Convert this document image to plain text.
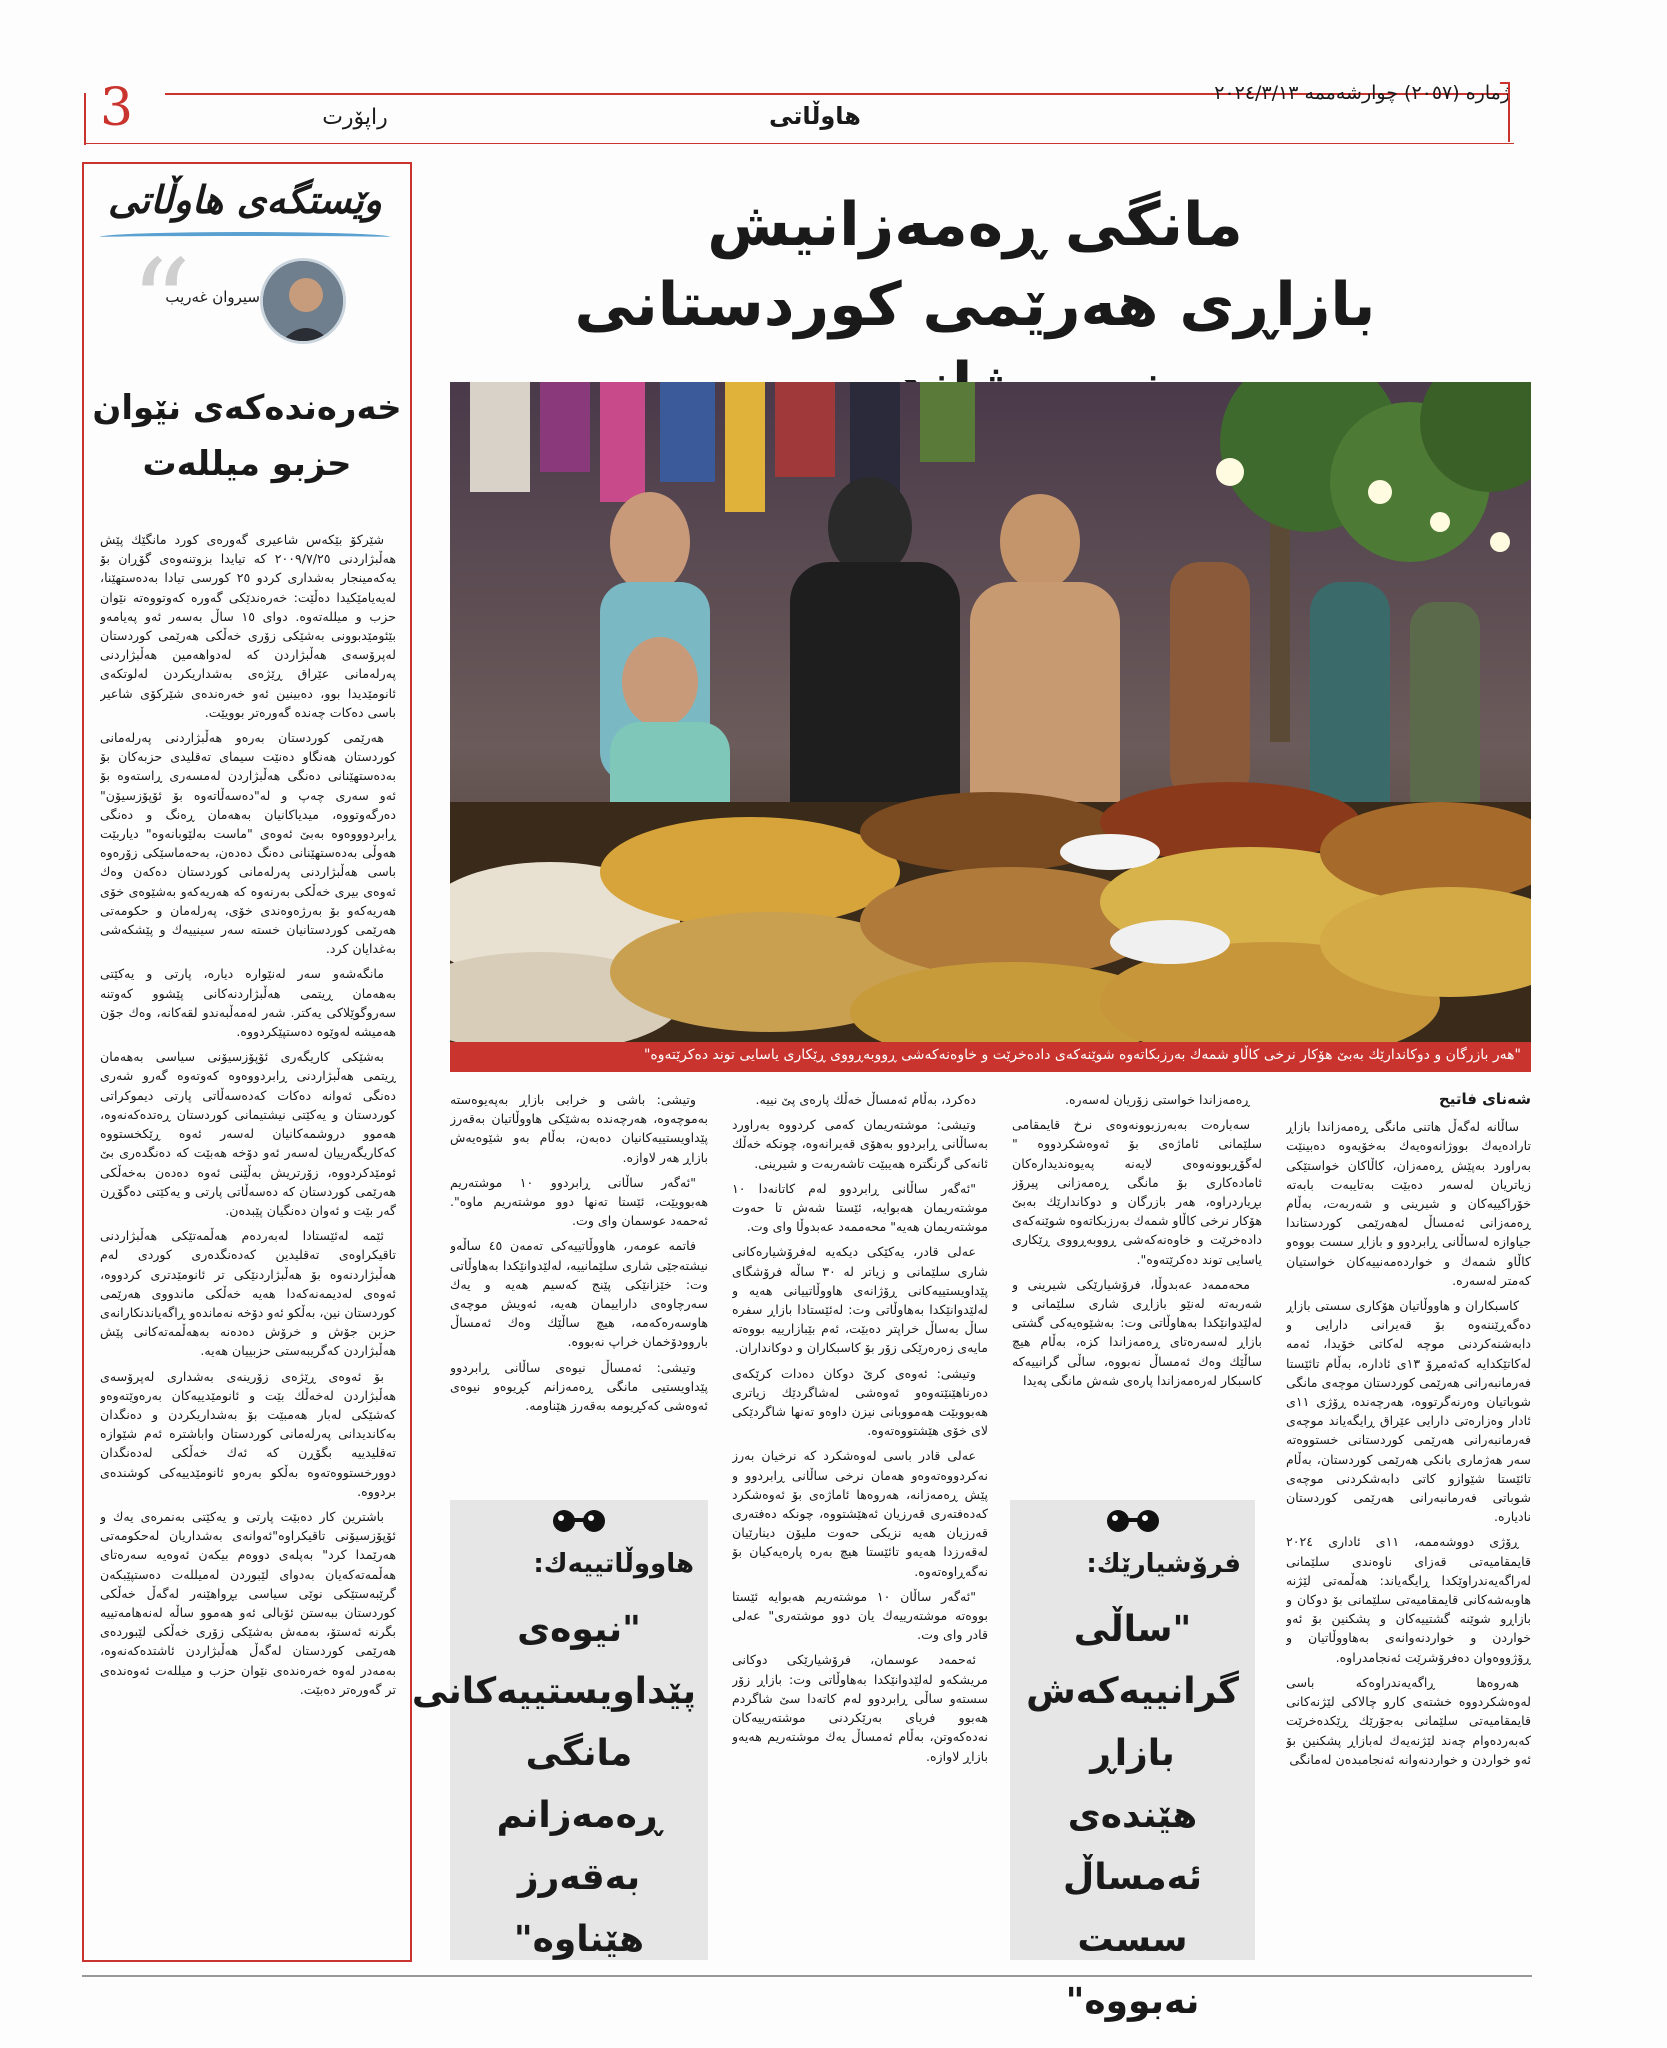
3	راپۆرت	هاوڵاتی
ژمارە (٢٠٥٧) چوارشەممە ٢٠٢٤/٣/١٣
مانگی ڕەمەزانیش
بازاڕی هەرێمی کوردستانی
"هەر بازرگان و دوکاندارێك بەبێ هۆكار نرخی كاڵاو شمەك بەرزبكاتەوە شوێنەكەی دادەخرێت و خاوەنەكەشی ڕووبەڕووی ڕێكاری یاسایی توند دەكرێتەوە"
وێستگەی هاوڵاتی
“
سیروان غەریب
خەرەندەکەی نێوان
حزبو میللەت

شێرکۆ بێکەس شاعیری گەورەی کورد مانگێك پێش هەڵبژاردنی ٢٠٠٩/٧/٢٥ کە تیایدا بزوتنەوەی گۆڕان بۆ یەکەمینجار بەشداری کردو ٢٥ کورسی تیادا بەدەستهێنا، لەیەیامێکیدا دەڵێت: خەرەندێکی گەورە کەوتووەتە نێوان حزب و میللەتەوە. دوای ١٥ ساڵ بەسەر ئەو پەیامەو بێئومێدبوونی بەشێکی زۆری خەڵکی هەرێمی کوردستان لەپرۆسەی هەڵبژاردن کە لەدواهەمین هەڵبژاردنی پەرلەمانی عێراق ڕێژەی بەشداریکردن لەلوتکەی ئانومێدیدا بوو، دەبینین ئەو خەرەندەی شێرکۆی شاعیر باسی دەکات چەندە گەورەتر بوویێت.

هەرێمی کوردستان بەرەو هەڵبژاردنی پەرلەمانی کوردستان هەنگاو دەنێت سیمای تەقلیدی حزبەکان بۆ بەدەستهێنانی دەنگی هەڵبژاردن لەمسەری ڕاستەوە بۆ ئەو سەری چەپ و لە"دەسەڵاتەوە بۆ ئۆپۆزسیۆن" دەرگەوتووە، میدیاکانیان بەهەمان ڕەنگ و دەنگی ڕابردوووەوە بەبێ ئەوەی "ماست بەلێوبانەوە" دیاربێت هەوڵی بەدەستهێنانی دەنگ دەدەن، بەحەماسێکی زۆرەوە باسی هەڵبژاردنی پەرلەمانی کوردستان دەکەن وەك ئەوەی بیری خەڵکی بەرنەوە کە هەریەکەو بەشێوەی خۆی هەریەکەو بۆ بەرژەوەندی خۆی، پەرلەمان و حکومەتی هەرێمی کوردستانیان خستە سەر سینییەك و پێشکەشی بەغدایان کرد.

مانگەشەو سەر لەنێوارە دیارە، پارتی و یەکێتی بەهەمان ڕیتمی هەڵبژاردنەکانی پێشوو کەوتنە سەروگوێلاکی یەکتر. شەر لەمەڵبەندو لقەکانە، وەك جۆن هەمیشە لەوێوە دەستپێکردووە.

بەشێکی کاریگەری ئۆپۆزسیۆنی سیاسی بەهەمان ڕیتمی هەڵبژاردنی ڕابردووەوە کەوتەوە گەرو شەری دەنگی ئەوانە دەکات کەدەسەڵاتی پارتی دیموکراتی کوردستان و یەکێتی نیشتیمانی کوردستان ڕەتدەکەنەوە، هەموو دروشمەکانیان لەسەر ئەوە ڕێکخستووە کەکاریگەرییان لەسەر ئەو دۆخە هەبێت کە دەنگدەری بێ ئومێدکردووە، زۆرتریش بەڵێنی ئەوە دەدەن بەخەڵکی هەرێمی کوردستان کە دەسەڵاتی پارتی و یەکێتی دەگۆڕن گەر بێت و ئەوان دەنگیان پێبدەن.

ئێمە لەئێستادا لەبەردەم هەڵمەتێکی هەڵبژاردنی تاقیکراوەی تەقلیدین کەدەنگدەری کوردی لەم هەڵبژاردنەوە بۆ هەڵبژاردنێکی تر ئانومێدتری کردووە، ئەوەی لەدیمەنەکەدا هەیە خەڵکی ماندووی هەرێمی کوردستان نین، بەڵکو ئەو دۆخە نەماندەو ڕاگەیاندنکارانەی حزبن جۆش و خرۆش دەدەنە بەهەڵمەتەکانی پێش هەڵبژاردن کەگریبەستی حزبییان هەیە.

بۆ ئەوەی ڕێژەی زۆرینەی بەشداری لەپرۆسەی هەڵبژاردن لەخەڵك بێت و ئانومێدییەکان بەرەوێتەوەو کەشێکی لەبار هەمبێت بۆ بەشداریکردن و دەنگدان بەکاندیدانی پەرلەمانی کوردستان واباشترە ئەم شێوازە تەقلیدییە بگۆڕن کە ئەك خەڵکی لەدەنگدان دوورخستووەتەوە بەڵکو بەرەو ئانومێدییەکی کوشندەی بردووە.

باشترین کار دەبێت پارتی و یەکێتی بەنمرەی یەك و ئۆپۆزسیۆنی تاقیکراوە"ئەوانەی بەشداریان لەحکومەتی هەرێمدا کرد" بەپلەی دووەم بیکەن ئەوەیە سەرەتای هەڵمەتەکەیان بەدوای لێبوردن لەمیللەت دەستپێبکەن گرێبەستێکی نوێی سیاسی بڕواهێنەر لەگەڵ خەڵکی کوردستان ببەستن ئۆبالی ئەو هەموو ساڵە لەنەهامەتییە بگرنە ئەستۆ، بەمەش بەشێکی زۆری خەڵکی لێبوردەی هەرێمی کوردستان لەگەڵ هەڵبژاردن ئاشتدەکەنەوە، بەمەدر لەوە خەرەندەی نێوان حزب و میللەت ئەوەندەی تر گەورەتر دەبێت.

شەنای فاتیح

ساڵانە لەگەڵ هاتنی مانگی ڕەمەزاندا بازاڕ تارادەیەك بووژانەوەیەك بەخۆیەوە دەبینێت بەراورد بەپێش ڕەمەزان، كاڵاكان خواستێكی زیاتریان لەسەر دەبێت بەتایبەت بابەتە خۆراكییەكان و شیرینی و شەربەت، بەڵام ڕەمەزانی ئەمساڵ لەهەرێمی كوردستاندا جیاوازە لەساڵانی ڕابردوو و بازاڕ سست بووەو كاڵاو شمەك و خواردەمەنییەكان خواستیان كەمتر لەسەرە.

كاسبكاران و هاووڵاتیان هۆكاری سستی بازاڕ دەگەڕێننەوە بۆ قەیرانی دارایی و دابەشنەكردنی موچە لەكاتی خۆیدا، ئەمە لەكاتێكدایە كەئەمڕۆ ١٣ی ئادارە، بەڵام تائێستا فەرمانبەرانی هەرێمی كوردستان موچەی مانگی شوباتیان وەرنەگرتووە، هەرچەندە ڕۆژی ١١ی ئادار وەزارەتی دارایی عێراق ڕایگەیاند موچەی فەرمانبەرانی هەرێمی كوردستانی خستووەتە سەر هەژماری بانكی هەرێمی كوردستان، بەڵام تائێستا شێوازو كاتی دابەشكردنی موچەی شوباتی فەرمانبەرانی هەرێمی كوردستان نادیارە.

ڕۆژی دووشەممە، ١١ی ئاداری ٢٠٢٤ قایمقامیەتی قەزای ناوەندی سلێمانی لەراگەیەندراوێكدا ڕایگەیاند: هەڵمەتی لێژنە هاوبەشەكانی قایمقامیەتی سلێمانی بۆ دوكان و بازاڕو شوێنە گشتییەكان و پشكنین بۆ ئەو خواردن و خواردنەوانەی بەهاووڵاتیان و ڕۆژووەوان دەفرۆشرێت ئەنجامدراوە.

هەروەها ڕاگەیەندراوەكە باسی لەوەشكردووە خشتەی كارو چالاكی لێژنەكانی قایمقامیەتی سلێمانی بەجۆرێك ڕێكدەخرێت كەبەردەوام چەند لێژنەیەك لەبازاڕ پشكنین بۆ ئەو خواردن و خواردنەوانە ئەنجامبدەن لەمانگی

ڕەمەزاندا خواستی زۆریان لەسەرە.

سەبارەت بەبەرزبوونەوەی نرخ قایمقامی سلێمانی ئاماژەی بۆ ئەوەشكردووە " لەگۆڕبوونەوەی لایەنە پەیوەندیدارەكان ئامادەكاری بۆ مانگی ڕەمەزانی پیرۆز بڕیاردراوە، هەر بازرگان و دوكاندارێك بەبێ هۆكار نرخی كاڵاو شمەك بەرزبكاتەوە شوێنەكەی دادەخرێت و خاوەنەكەشی ڕووبەڕووی ڕێكاری یاسایی توند دەكرێتەوە".

محەممەد عەبدوڵا، فرۆشیارێكی شیرینی و شەربەتە لەنێو بازاڕی شاری سلێمانی و لەلێدوانێكدا بەهاوڵاتی وت: بەشێوەیەكی گشتی بازاڕ لەسەرەتای ڕەمەزاندا كزە، بەڵام هیچ ساڵێك وەك ئەمساڵ نەبووە، ساڵی گرانییەكە كاسبكار لەرەمەزاندا پارەی شەش مانگی پەیدا

فرۆشیارێك:
"ساڵی گرانییەكەش بازاڕ هێندەی ئەمساڵ سست نەبووە"

دەكرد، بەڵام ئەمساڵ خەڵك پارەی پێ نییە.

وتیشی: موشتەریمان كەمی كردووە بەراورد بەساڵانی ڕابردوو بەهۆی قەیرانەوە، چونكە خەڵك ئانەكی گرنگترە هەیبێت تاشەربەت و شیرینی.

"ئەگەر ساڵانی ڕابردوو لەم كاتانەدا ١٠ موشتەریمان هەبوایە، ئێستا شەش تا حەوت موشتەریمان هەیە" محەممەد عەبدوڵا وای وت.

عەلی قادر، یەكێكی دیكەیە لەفرۆشیارەكانی شاری سلێمانی و زیاتر لە ٣٠ ساڵە فرۆشگای پێداویستییەكانی ڕۆژانەی هاووڵاتییانی هەیە و لەلێدوانێكدا بەهاوڵاتی وت: لەئێستادا بازاڕ سفرە ساڵ بەساڵ خراپتر دەبێت، ئەم بێبازارییە بووەتە مایەی زەرەرێكی زۆر بۆ كاسبكاران و دوكانداران.

وتیشی: ئەوەی كرێ دوكان دەدات كرێكەی دەرناهێنێتەوەو ئەوەشی لەشاگردێك زیاتری هەبووبێت هەمووبانی نیزن داوەو تەنها شاگردێكی لای خۆی هێشتووەتەوە.

عەلی قادر باسی لەوەشكرد كە نرخیان بەرز نەكردووەتەوەو هەمان نرخی ساڵانی ڕابردوو و پێش ڕەمەزانە، هەروەها ئاماژەی بۆ ئەوەشكرد كەدەفتەری قەرزیان ئەهێشتووە، چونكە دەفتەری قەرزیان هەیە نزیكی حەوت ملیۆن دینارێیان لەقەرزدا هەیەو تائێستا هیچ بەرە پارەیەكیان بۆ نەگەڕاوەتەوە.

"ئەگەر ساڵان ١٠ موشتەریم هەبوایە ئێستا بووەتە موشتەرییەك یان دوو موشتەری" عەلی قادر وای وت.

ئەحمەد عوسمان، فرۆشیارێكی دوكانی مریشكەو لەلێدوانێكدا بەهاوڵاتی وت: بازاڕ زۆر سستەو ساڵی ڕابردوو لەم كاتەدا سێ شاگردم هەبوو فریای بەرێكردنی موشتەرییەكان نەدەكەوتن، بەڵام ئەمساڵ یەك موشتەریم هەیەو بازاڕ لاوازە.

وتیشی: باشی و خرابی بازاڕ بەپەیوەستە بەموچەوە، هەرچەندە بەشێكی هاووڵاتیان بەقەرز پێداویستییەكانیان دەبەن، بەڵام بەو شێوەیەش بازاڕ هەر لاوازە.

"ئەگەر ساڵانی ڕابردوو ١٠ موشتەریم هەبوویێت، ئێستا تەنها دوو موشتەریم ماوە". ئەحمەد عوسمان وای وت.

فاتمە عومەر، هاووڵاتییەكی تەمەن ٤٥ ساڵەو نیشتەجێی شاری سلێمانییە، لەلێدوانێكدا بەهاوڵاتی وت: خێزانێكی پێنج كەسیم هەیە و یەك سەرچاوەی داراییمان هەیە، ئەویش موچەی هاوسەرەكەمە، هیچ ساڵێك وەك ئەمساڵ باروودۆخمان خراپ نەبووە.

وتیشی: ئەمساڵ نیوەی ساڵانی ڕابردوو پێداویستیی مانگی ڕەمەزانم كڕیوەو نیوەی ئەوەشی كەكڕیومە بەقەرز هێناومە.

هاووڵاتییەك:
"نیوەی پێداویستییەكانی مانگی ڕەمەزانم بەقەرز هێناوە"
